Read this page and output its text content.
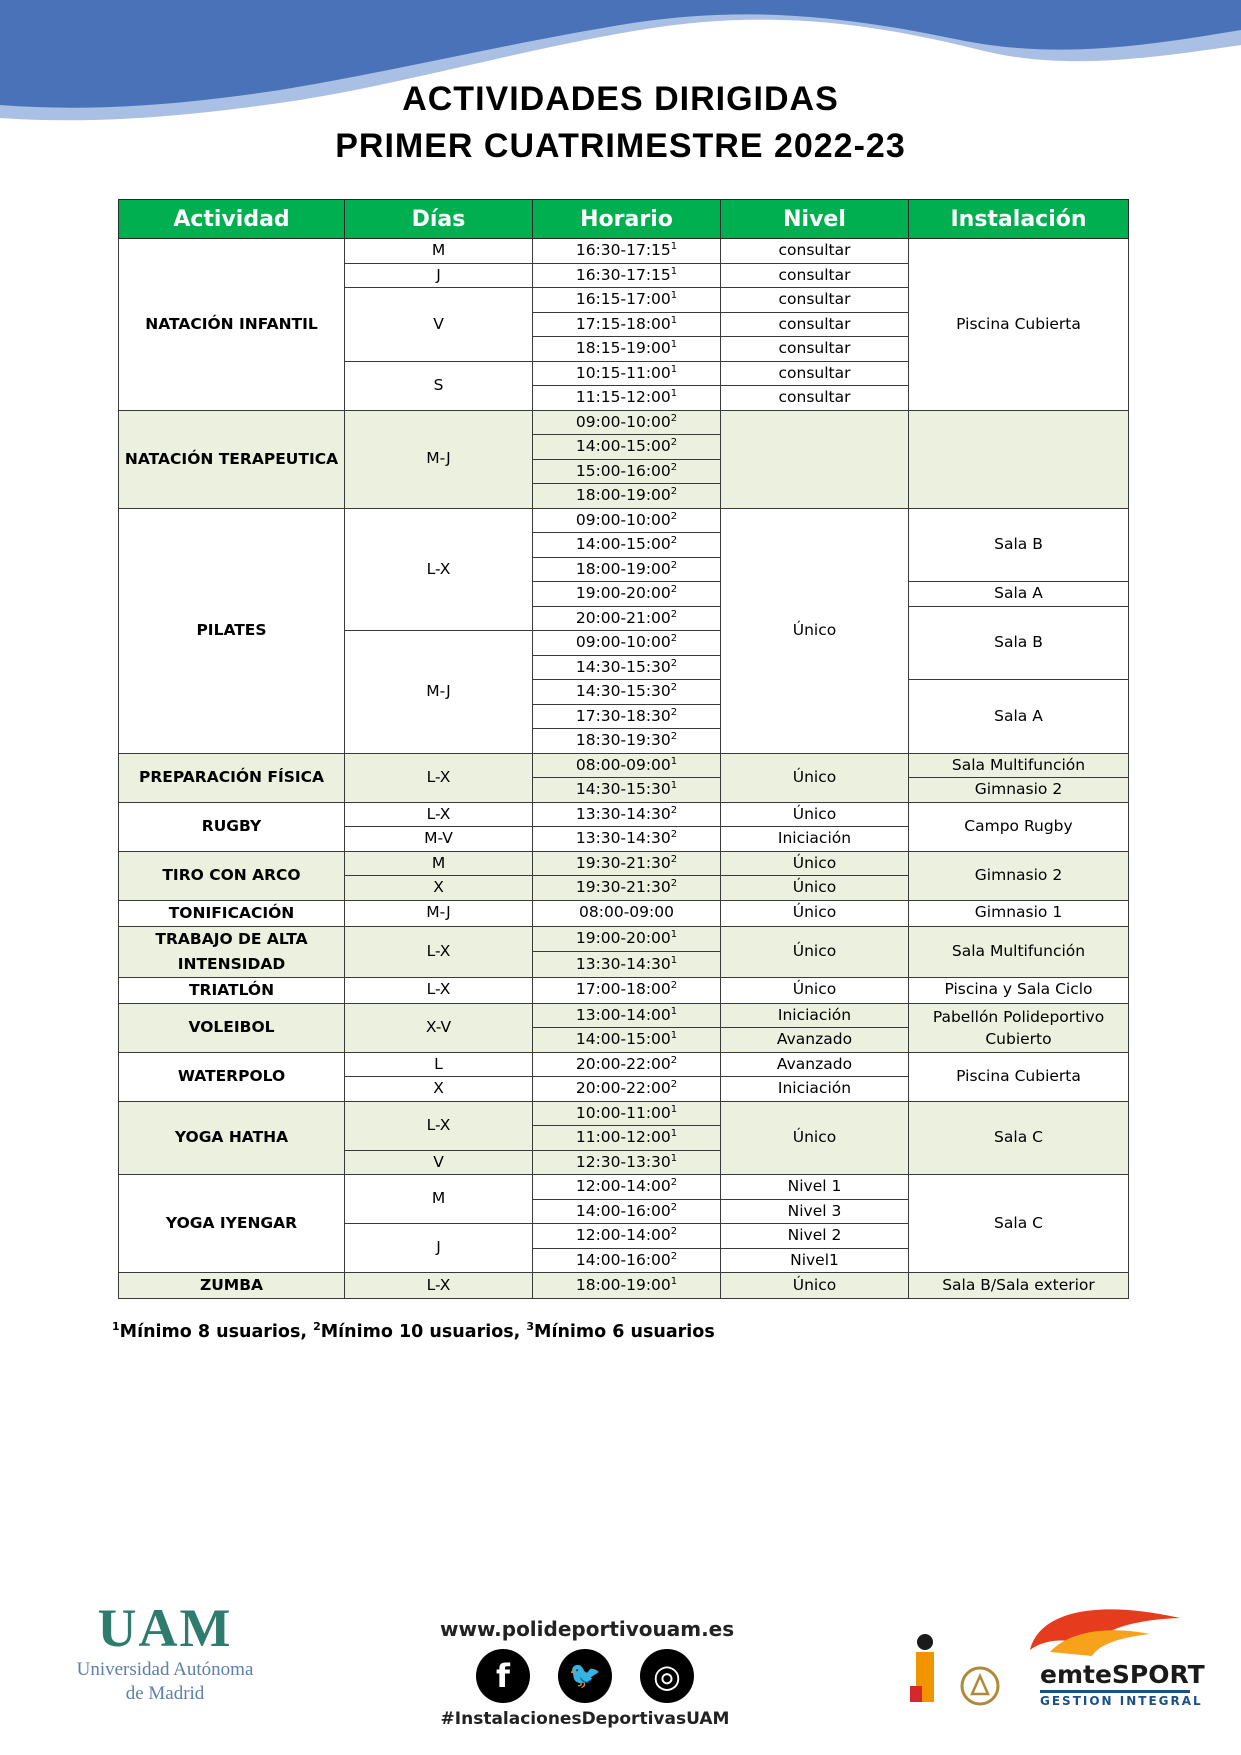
ACTIVIDADES DIRIGIDAS
PRIMER CUATRIMESTRE 2022-23
Actividad	Días	Horario	Nivel	Instalación
NATACIÓN INFANTIL	M	$16:30-17:15^1$	consultar	Piscina Cubierta
	J	$16:30-17:15^1$	consultar	
	V	$16:15-17:00^1$	consultar	
		$17:15-18:00^1$	consultar	
		$18:15-19:00^1$	consultar	
	S	$10:15-11:00^1$	consultar	
		$11:15-12:00^1$	consultar	
NATACIÓN TERAPEUTICA	M-J	$09:00-10:00^2$		
		$14:00-15:00^2$
		$15:00-16:00^2$
		$18:00-19:00^2$
PILATES	L-X	$09:00-10:00^2$	Único	Sala B
		$14:00-15:00^2$
		$18:00-19:00^2$
		$19:00-20:00^2$		Sala A
		$20:00-21:00^2$		Sala B
	M-J	$09:00-10:00^2$
		$14:30-15:30^2$
		$14:30-15:30^2$		Sala A
		$17:30-18:30^2$
		$18:30-19:30^2$
PREPARACIÓN FÍSICA	L-X	$08:00-09:00^1$	Único	Sala Multifunción
		$14:30-15:30^1$		Gimnasio 2
RUGBY	L-X	$13:30-14:30^2$	Único	Campo Rugby
	M-V	$13:30-14:30^2$	Iniciación	
TIRO CON ARCO	M	$19:30-21:30^2$	Único	Gimnasio 2
	X	$19:30-21:30^2$	Único	
TONIFICACIÓN	M-J	08:00-09:00	Único	Gimnasio 1
TRABAJO DE ALTA INTENSIDAD	L-X	$19:00-20:00^1$	Único	Sala Multifunción
		$13:30-14:30^1$
TRIATLÓN	L-X	$17:00-18:00^2$	Único	Piscina y Sala Ciclo
VOLEIBOL	X-V	$13:00-14:00^1$	Iniciación	Pabellón Polideportivo Cubierto
		$14:00-15:00^1$	Avanzado	
WATERPOLO	L	$20:00-22:00^2$	Avanzado	Piscina Cubierta
	X	$20:00-22:00^2$	Iniciación	
YOGA HATHA	L-X	$10:00-11:00^1$	Único	Sala C
		$11:00-12:00^1$
	V	$12:30-13:30^1$
YOGA IYENGAR	M	$12:00-14:00^2$	Nivel 1	Sala C
		$14:00-16:00^2$	Nivel 3	
	J	$12:00-14:00^2$	Nivel 2	
		$14:00-16:00^2$	Nivel1	
ZUMBA	L-X	$18:00-19:00^1$	Único	Sala B/Sala exterior
$^1$Mínimo 8 usuarios, $^2$Mínimo 10 usuarios, $^3$Mínimo 6 usuarios
UAM
Universidad Autónoma
de Madrid
www.polideportivouam.es
f	🐦	◎
#InstalacionesDeportivasUAM
emteSPORT
GESTION INTEGRAL
